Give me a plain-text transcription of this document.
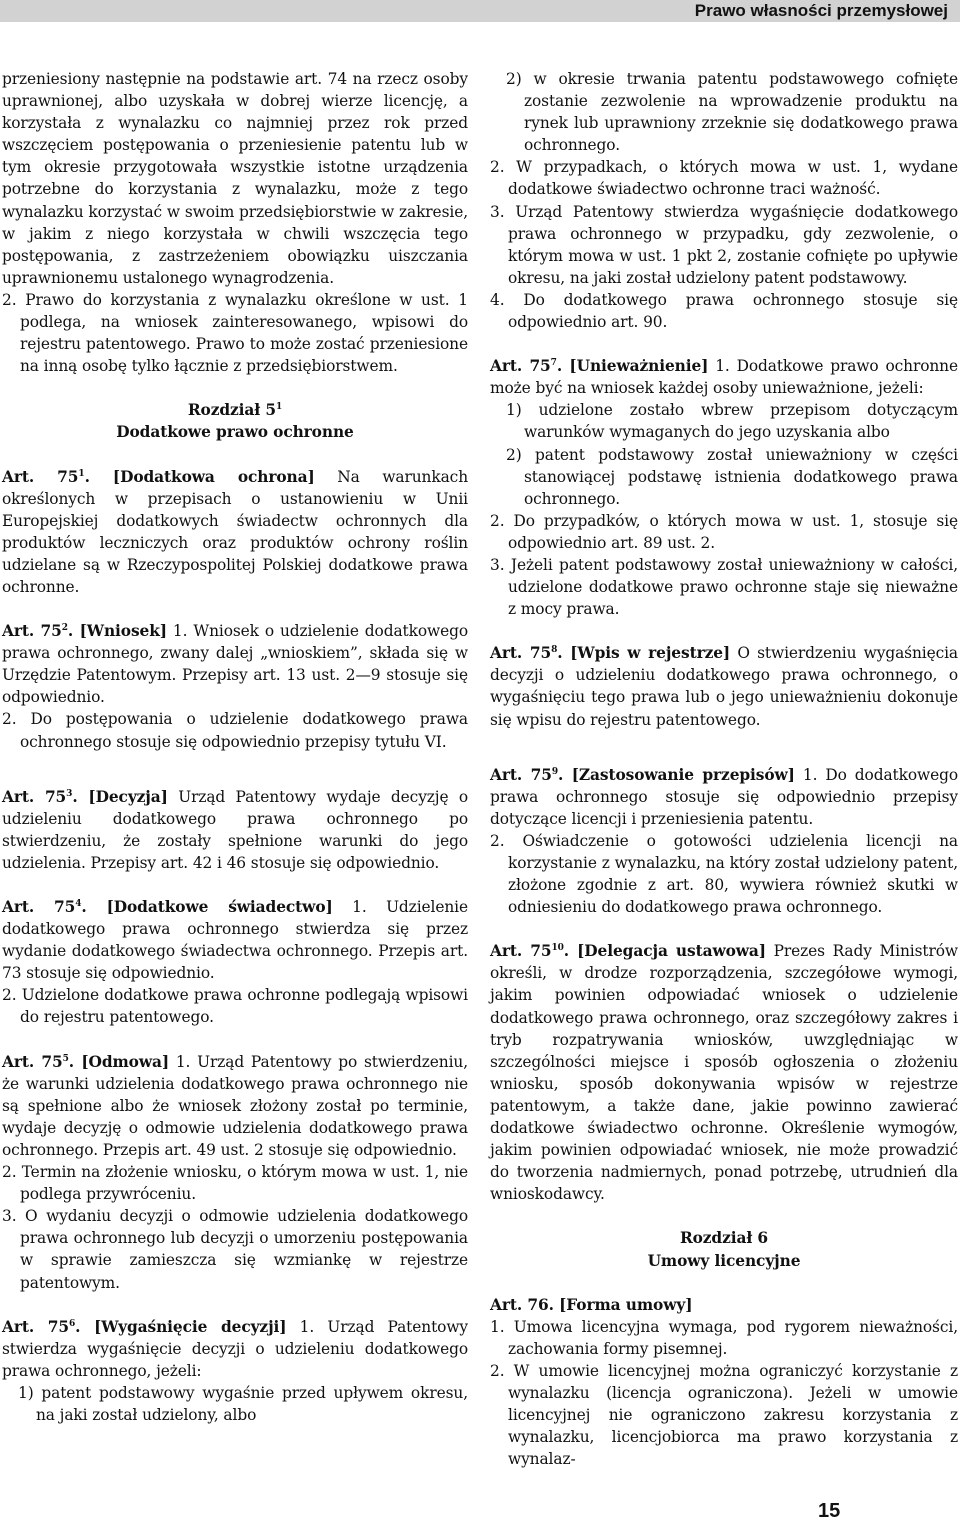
Prawo własności przemysłowej

przeniesiony następnie na podstawie art. 74 na rzecz osoby uprawnionej, albo uzyskała w dobrej wierze licencję, a korzystała z wynalazku co najmniej przez rok przed wszczęciem postępowania o przeniesienie patentu lub w tym okresie przygotowała wszystkie istotne urządzenia potrzebne do korzystania z wynalazku, może z tego wynalazku korzystać w swoim przedsiębiorstwie w zakresie, w jakim z niego korzystała w chwili wszczęcia tego postępowania, z zastrzeżeniem obowiązku uiszczania uprawnionemu ustalonego wynagrodzenia.

2. Prawo do korzystania z wynalazku określone w ust. 1 podlega, na wniosek zainteresowanego, wpisowi do rejestru patentowego. Prawo to może zostać przeniesione na inną osobę tylko łącznie z przedsiębiorstwem.

Rozdział $5^1$

Dodatkowe prawo ochronne

Art. $75^1$. [Dodatkowa ochrona] Na warunkach określonych w przepisach o ustanowieniu w Unii Europejskiej dodatkowych świadectw ochronnych dla produktów leczniczych oraz produktów ochrony roślin udzielane są w Rzeczypospolitej Polskiej dodatkowe prawa ochronne.

Art. $75^2$. [Wniosek] 1. Wniosek o udzielenie dodatkowego prawa ochronnego, zwany dalej „wnioskiem”, składa się w Urzędzie Patentowym. Przepisy art. 13 ust. 2—9 stosuje się odpowiednio.

2. Do postępowania o udzielenie dodatkowego prawa ochronnego stosuje się odpowiednio przepisy tytułu VI.

Art. $75^3$. [Decyzja] Urząd Patentowy wydaje decyzję o udzieleniu dodatkowego prawa ochronnego po stwierdzeniu, że zostały spełnione warunki do jego udzielenia. Przepisy art. 42 i 46 stosuje się odpowiednio.

Art. $75^4$. [Dodatkowe świadectwo] 1. Udzielenie dodatkowego prawa ochronnego stwierdza się przez wydanie dodatkowego świadectwa ochronnego. Przepis art. 73 stosuje się odpowiednio.

2. Udzielone dodatkowe prawa ochronne podlegają wpisowi do rejestru patentowego.

Art. $75^5$. [Odmowa] 1. Urząd Patentowy po stwierdzeniu, że warunki udzielenia dodatkowego prawa ochronnego nie są spełnione albo że wniosek złożony został po terminie, wydaje decyzję o odmowie udzielenia dodatkowego prawa ochronnego. Przepis art. 49 ust. 2 stosuje się odpowiednio.

2. Termin na złożenie wniosku, o którym mowa w ust. 1, nie podlega przywróceniu.

3. O wydaniu decyzji o odmowie udzielenia dodatkowego prawa ochronnego lub decyzji o umorzeniu postępowania w sprawie zamieszcza się wzmiankę w rejestrze patentowym.

Art. $75^6$. [Wygaśnięcie decyzji] 1. Urząd Patentowy stwierdza wygaśnięcie decyzji o udzieleniu dodatkowego prawa ochronnego, jeżeli:

1) patent podstawowy wygaśnie przed upływem okresu, na jaki został udzielony, albo

2) w okresie trwania patentu podstawowego cofnięte zostanie zezwolenie na wprowadzenie produktu na rynek lub uprawniony zrzeknie się dodatkowego prawa ochronnego.

2. W przypadkach, o których mowa w ust. 1, wydane dodatkowe świadectwo ochronne traci ważność.

3. Urząd Patentowy stwierdza wygaśnięcie dodatkowego prawa ochronnego w przypadku, gdy zezwolenie, o którym mowa w ust. 1 pkt 2, zostanie cofnięte po upływie okresu, na jaki został udzielony patent podstawowy.

4. Do dodatkowego prawa ochronnego stosuje się odpowiednio art. 90.

Art. $75^7$. [Unieważnienie] 1. Dodatkowe prawo ochronne może być na wniosek każdej osoby unieważnione, jeżeli:

1) udzielone zostało wbrew przepisom dotyczącym warunków wymaganych do jego uzyskania albo

2) patent podstawowy został unieważniony w części stanowiącej podstawę istnienia dodatkowego prawa ochronnego.

2. Do przypadków, o których mowa w ust. 1, stosuje się odpowiednio art. 89 ust. 2.

3. Jeżeli patent podstawowy został unieważniony w całości, udzielone dodatkowe prawo ochronne staje się nieważne z mocy prawa.

Art. $75^8$. [Wpis w rejestrze] O stwierdzeniu wygaśnięcia decyzji o udzieleniu dodatkowego prawa ochronnego, o wygaśnięciu tego prawa lub o jego unieważnieniu dokonuje się wpisu do rejestru patentowego.

Art. $75^9$. [Zastosowanie przepisów] 1. Do dodatkowego prawa ochronnego stosuje się odpowiednio przepisy dotyczące licencji i przeniesienia patentu.

2. Oświadczenie o gotowości udzielenia licencji na korzystanie z wynalazku, na który został udzielony patent, złożone zgodnie z art. 80, wywiera również skutki w odniesieniu do dodatkowego prawa ochronnego.

Art. $75^{10}$. [Delegacja ustawowa] Prezes Rady Ministrów określi, w drodze rozporządzenia, szczegółowe wymogi, jakim powinien odpowiadać wniosek o udzielenie dodatkowego prawa ochronnego, oraz szczegółowy zakres i tryb rozpatrywania wniosków, uwzględniając w szczególności miejsce i sposób ogłoszenia o złożeniu wniosku, sposób dokonywania wpisów w rejestrze patentowym, a także dane, jakie powinno zawierać dodatkowe świadectwo ochronne. Określenie wymogów, jakim powinien odpowiadać wniosek, nie może prowadzić do tworzenia nadmiernych, ponad potrzebę, utrudnień dla wnioskodawcy.

Rozdział 6

Umowy licencyjne

Art. 76. [Forma umowy]

1. Umowa licencyjna wymaga, pod rygorem nieważności, zachowania formy pisemnej.

2. W umowie licencyjnej można ograniczyć korzystanie z wynalazku (licencja ograniczona). Jeżeli w umowie licencyjnej nie ograniczono zakresu korzystania z wynalazku, licencjobiorca ma prawo korzystania z wynalaz-

15
